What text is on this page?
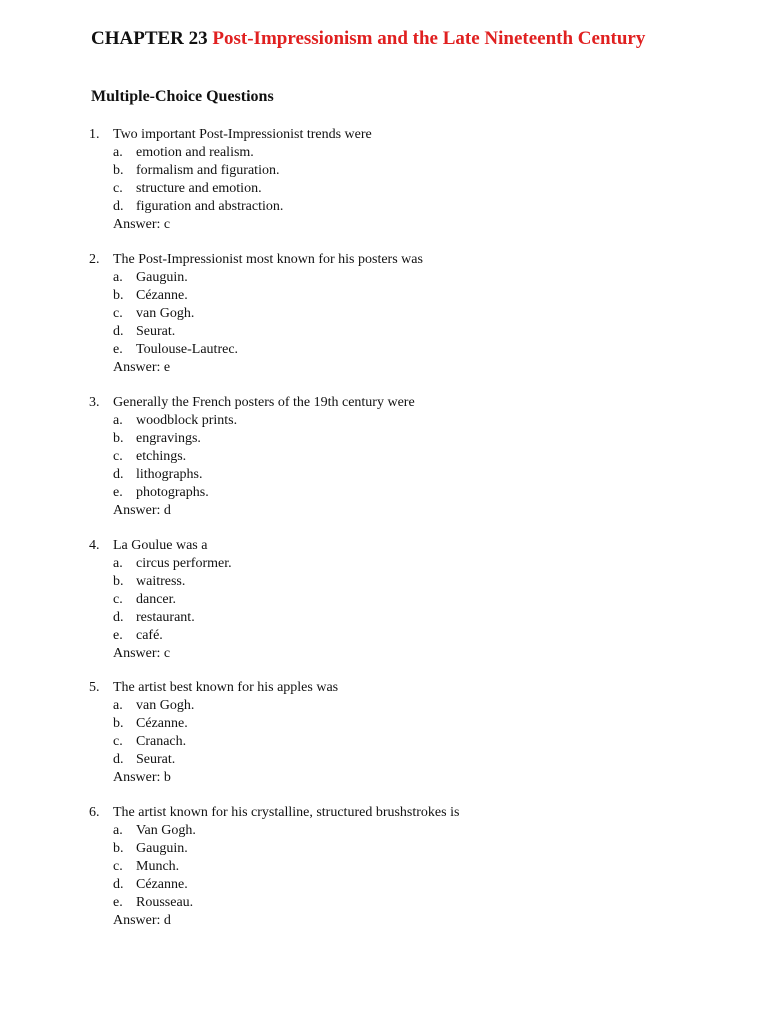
CHAPTER 23 Post-Impressionism and the Late Nineteenth Century
Multiple-Choice Questions
1. Two important Post-Impressionist trends were
a. emotion and realism.
b. formalism and figuration.
c. structure and emotion.
d. figuration and abstraction.
Answer: c
2. The Post-Impressionist most known for his posters was
a. Gauguin.
b. Cézanne.
c. van Gogh.
d. Seurat.
e. Toulouse-Lautrec.
Answer: e
3. Generally the French posters of the 19th century were
a. woodblock prints.
b. engravings.
c. etchings.
d. lithographs.
e. photographs.
Answer: d
4. La Goulue was a
a. circus performer.
b. waitress.
c. dancer.
d. restaurant.
e. café.
Answer: c
5. The artist best known for his apples was
a. van Gogh.
b. Cézanne.
c. Cranach.
d. Seurat.
Answer: b
6. The artist known for his crystalline, structured brushstrokes is
a. Van Gogh.
b. Gauguin.
c. Munch.
d. Cézanne.
e. Rousseau.
Answer: d
